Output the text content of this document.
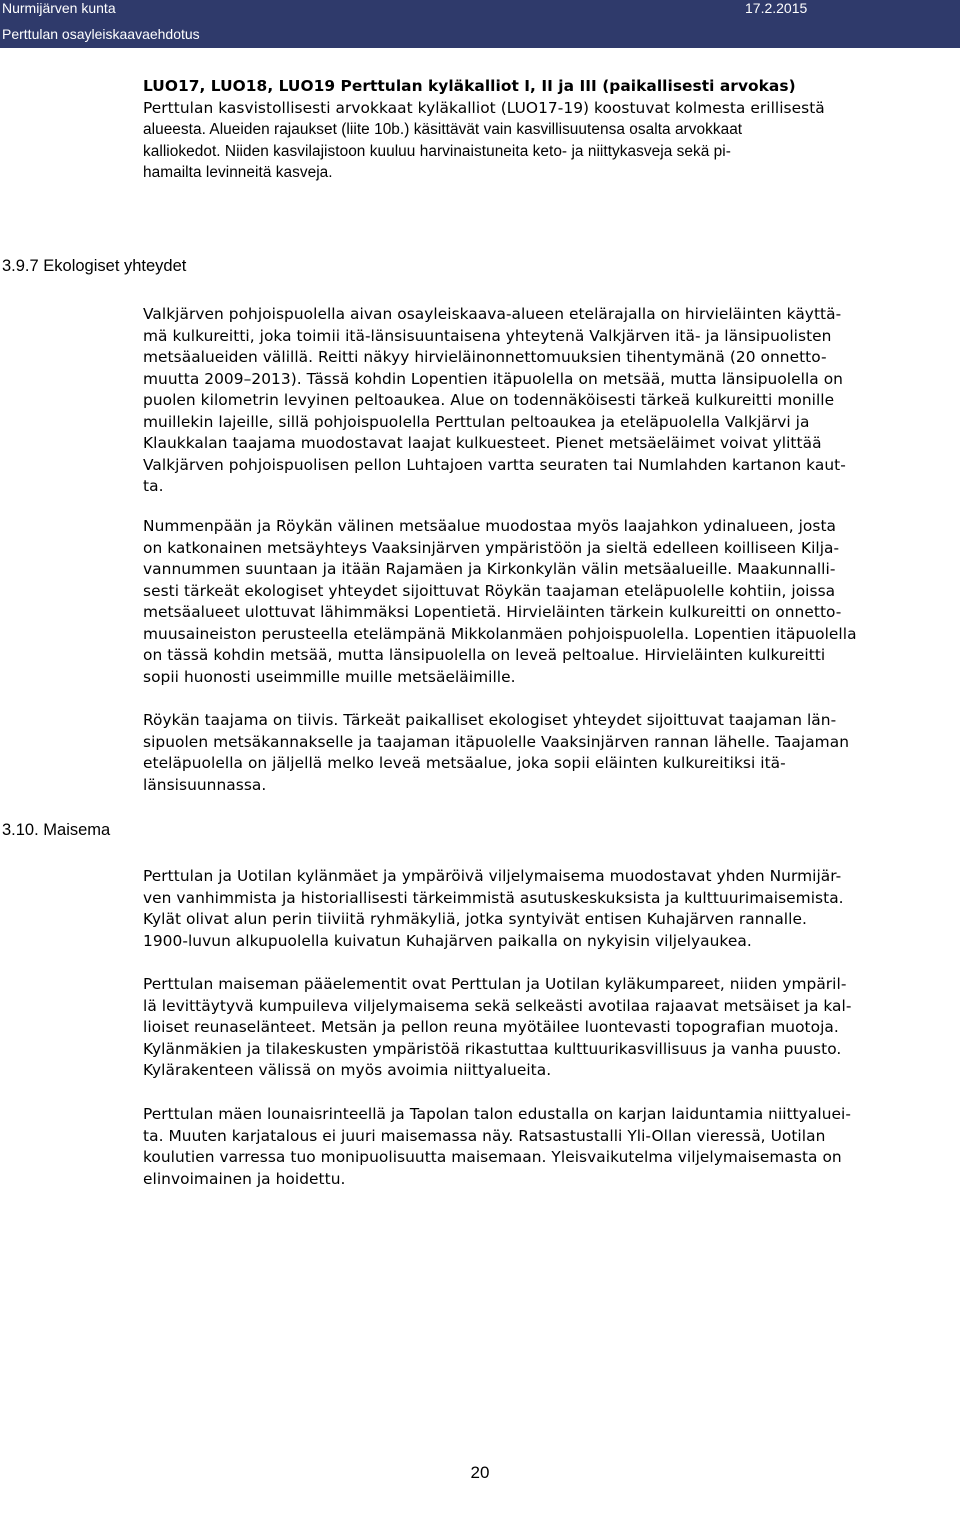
Nurmijärven kunta	17.2.2015
Perttulan osayleiskaavaehdotus
LUO17, LUO18, LUO19 Perttulan kyläkalliot I, II ja III (paikallisesti arvokas)
Perttulan kasvistollisesti arvokkaat kyläkalliot (LUO17-19) koostuvat kolmesta erillisestä
alueesta. Alueiden rajaukset (liite 10b.) käsittävät vain kasvillisuutensa osalta arvokkaat
kalliokedot. Niiden kasvilajistoon kuuluu harvinaistuneita keto- ja niittykasveja sekä pi-
hamailta levinneitä kasveja.
3.9.7 Ekologiset yhteydet
Valkjärven pohjoispuolella aivan osayleiskaava-alueen etelärajalla on hirvieläinten käyttä-
mä kulkureitti, joka toimii itä-länsisuuntaisena yhteytenä Valkjärven itä- ja länsipuolisten
metsäalueiden välillä. Reitti näkyy hirvieläinonnettomuuksien tihentymänä (20 onnetto-
muutta 2009–2013). Tässä kohdin Lopentien itäpuolella on metsää, mutta länsipuolella on
puolen kilometrin levyinen peltoaukea. Alue on todennäköisesti tärkeä kulkureitti monille
muillekin lajeille, sillä pohjoispuolella Perttulan peltoaukea ja eteläpuolella Valkjärvi ja
Klaukkalan taajama muodostavat laajat kulkuesteet. Pienet metsäeläimet voivat ylittää
Valkjärven pohjoispuolisen pellon Luhtajoen vartta seuraten tai Numlahden kartanon kaut-
ta.
Nummenpään ja Röykän välinen metsäalue muodostaa myös laajahkon ydinalueen, josta
on katkonainen metsäyhteys Vaaksinjärven ympäristöön ja sieltä edelleen koilliseen Kilja-
vannummen suuntaan ja itään Rajamäen ja Kirkonkylän välin metsäalueille. Maakunnalli-
sesti tärkeät ekologiset yhteydet sijoittuvat Röykän taajaman eteläpuolelle kohtiin, joissa
metsäalueet ulottuvat lähimmäksi Lopentietä. Hirvieläinten tärkein kulkureitti on onnetto-
muusaineiston perusteella etelämpänä Mikkolanmäen pohjoispuolella. Lopentien itäpuolella
on tässä kohdin metsää, mutta länsipuolella on leveä peltoalue. Hirvieläinten kulkureitti
sopii huonosti useimmille muille metsäeläimille.
Röykän taajama on tiivis. Tärkeät paikalliset ekologiset yhteydet sijoittuvat taajaman län-
sipuolen metsäkannakselle ja taajaman itäpuolelle Vaaksinjärven rannan lähelle. Taajaman
eteläpuolella on jäljellä melko leveä metsäalue, joka sopii eläinten kulkureitiksi itä-
länsisuunnassa.
3.10. Maisema
Perttulan ja Uotilan kylänmäet ja ympäröivä viljelymaisema muodostavat yhden Nurmijär-
ven vanhimmista ja historiallisesti tärkeimmistä asutuskeskuksista ja kulttuurimaisemista.
Kylät olivat alun perin tiiviitä ryhmäkyliä, jotka syntyivät entisen Kuhajärven rannalle.
1900-luvun alkupuolella kuivatun Kuhajärven paikalla on nykyisin viljelyaukea.
Perttulan maiseman pääelementit ovat Perttulan ja Uotilan kyläkumpareet, niiden ympäril-
lä levittäytyvä kumpuileva viljelymaisema sekä selkeästi avotilaa rajaavat metsäiset ja kal-
lioiset reunaselänteet. Metsän ja pellon reuna myötäilee luontevasti topografian muotoja.
Kylänmäkien ja tilakeskusten ympäristöä rikastuttaa kulttuurikasvillisuus ja vanha puusto.
Kylärakenteen välissä on myös avoimia niittyalueita.
Perttulan mäen lounaisrinteellä ja Tapolan talon edustalla on karjan laiduntamia niittyaluei-
ta. Muuten karjatalous ei juuri maisemassa näy. Ratsastustalli Yli-Ollan vieressä, Uotilan
koulutien varressa tuo monipuolisuutta maisemaan. Yleisvaikutelma viljelymaisemasta on
elinvoimainen ja hoidettu.
20
